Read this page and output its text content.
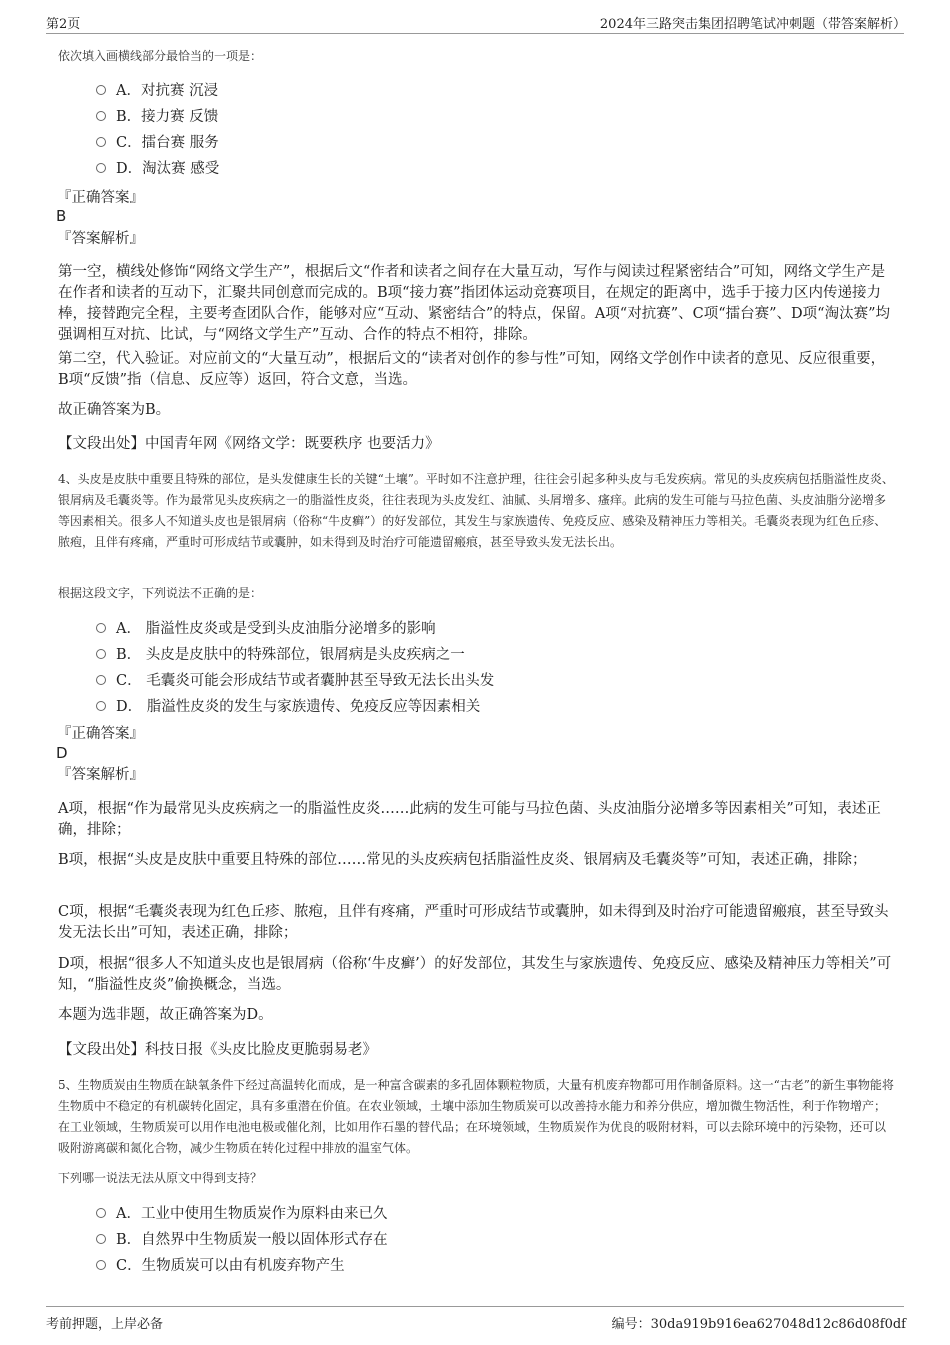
第2页	2024年三路突击集团招聘笔试冲刺题（带答案解析）
依次填入画横线部分最恰当的一项是：
A．对抗赛 沉浸
B．接力赛 反馈
C．擂台赛 服务
D．淘汰赛 感受
『正确答案』
B
『答案解析』
第一空，横线处修饰“网络文学生产”，根据后文“作者和读者之间存在大量互动，写作与阅读过程紧密结合”可知，网络文学生产是在作者和读者的互动下，汇聚共同创意而完成的。B项“接力赛”指团体运动竞赛项目，在规定的距离中，选手于接力区内传递接力棒，接替跑完全程，主要考查团队合作，能够对应“互动、紧密结合”的特点，保留。A项“对抗赛”、C项“擂台赛”、D项“淘汰赛”均强调相互对抗、比试，与“网络文学生产”互动、合作的特点不相符，排除。
第二空，代入验证。对应前文的“大量互动”，根据后文的“读者对创作的参与性”可知，网络文学创作中读者的意见、反应很重要，B项“反馈”指（信息、反应等）返回，符合文意，当选。
故正确答案为B。
【文段出处】中国青年网《网络文学：既要秩序 也要活力》
4、头皮是皮肤中重要且特殊的部位，是头发健康生长的关键“土壤”。平时如不注意护理，往往会引起多种头皮与毛发疾病。常见的头皮疾病包括脂溢性皮炎、银屑病及毛囊炎等。作为最常见头皮疾病之一的脂溢性皮炎，往往表现为头皮发红、油腻、头屑增多、瘙痒。此病的发生可能与马拉色菌、头皮油脂分泌增多等因素相关。很多人不知道头皮也是银屑病（俗称“牛皮癣”）的好发部位，其发生与家族遗传、免疫反应、感染及精神压力等相关。毛囊炎表现为红色丘疹、脓疱，且伴有疼痛，严重时可形成结节或囊肿，如未得到及时治疗可能遗留瘢痕，甚至导致头发无法长出。
根据这段文字，下列说法不正确的是：
A． 脂溢性皮炎或是受到头皮油脂分泌增多的影响
B． 头皮是皮肤中的特殊部位，银屑病是头皮疾病之一
C． 毛囊炎可能会形成结节或者囊肿甚至导致无法长出头发
D． 脂溢性皮炎的发生与家族遗传、免疫反应等因素相关
『正确答案』
D
『答案解析』
A项，根据“作为最常见头皮疾病之一的脂溢性皮炎……此病的发生可能与马拉色菌、头皮油脂分泌增多等因素相关”可知，表述正确，排除；
B项，根据“头皮是皮肤中重要且特殊的部位……常见的头皮疾病包括脂溢性皮炎、银屑病及毛囊炎等”可知，表述正确，排除；
C项，根据“毛囊炎表现为红色丘疹、脓疱，且伴有疼痛，严重时可形成结节或囊肿，如未得到及时治疗可能遗留瘢痕，甚至导致头发无法长出”可知，表述正确，排除；
D项，根据“很多人不知道头皮也是银屑病（俗称‘牛皮癣’）的好发部位，其发生与家族遗传、免疫反应、感染及精神压力等相关”可知，“脂溢性皮炎”偷换概念，当选。
本题为选非题，故正确答案为D。
【文段出处】科技日报《头皮比脸皮更脆弱易老》
5、生物质炭由生物质在缺氧条件下经过高温转化而成，是一种富含碳素的多孔固体颗粒物质，大量有机废弃物都可用作制备原料。这一“古老”的新生事物能将生物质中不稳定的有机碳转化固定，具有多重潜在价值。在农业领域，土壤中添加生物质炭可以改善持水能力和养分供应，增加微生物活性，利于作物增产；在工业领域，生物质炭可以用作电池电极或催化剂，比如用作石墨的替代品；在环境领域，生物质炭作为优良的吸附材料，可以去除环境中的污染物，还可以吸附游离碳和氮化合物，减少生物质在转化过程中排放的温室气体。
下列哪一说法无法从原文中得到支持？
A．工业中使用生物质炭作为原料由来已久
B．自然界中生物质炭一般以固体形式存在
C．生物质炭可以由有机废弃物产生
考前押题，上岸必备	编号：30da919b916ea627048d12c86d08f0df
